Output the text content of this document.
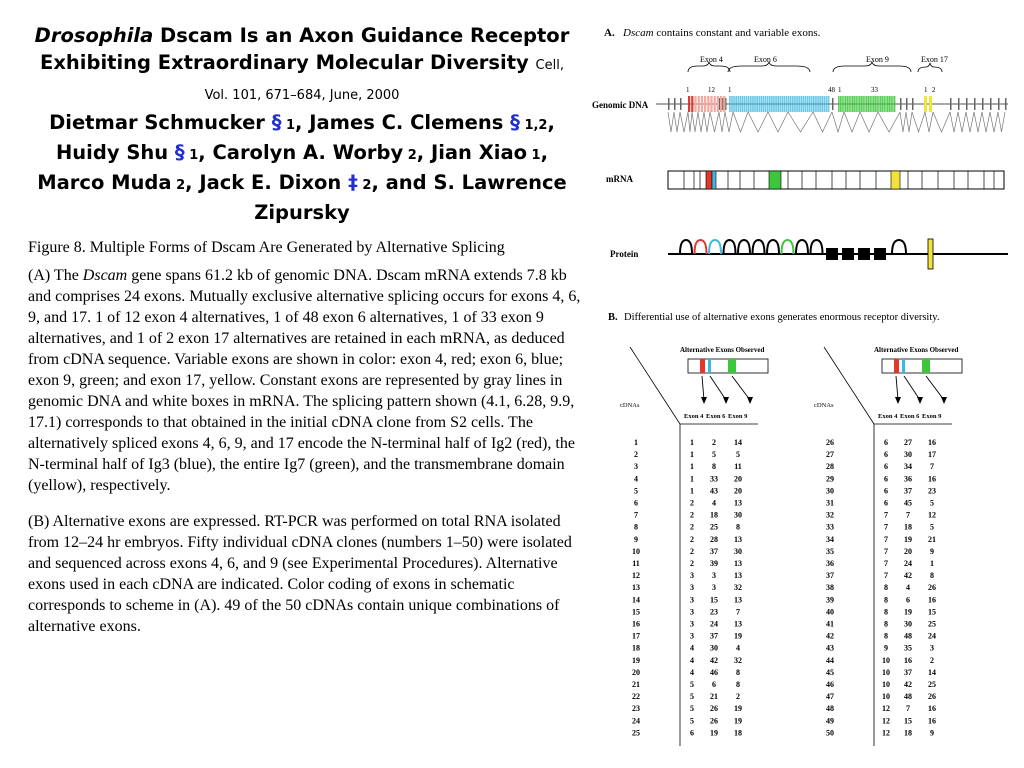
Drosophila Dscam Is an Axon Guidance Receptor Exhibiting Extraordinary Molecular Diversity Cell, Vol. 101, 671–684, June, 2000
Dietmar Schmucker § 1, James C. Clemens § 1,2, Huidy Shu § 1, Carolyn A. Worby 2, Jian Xiao 1, Marco Muda 2, Jack E. Dixon ‡ 2, and S. Lawrence Zipursky

Figure 8. Multiple Forms of Dscam Are Generated by Alternative Splicing

(A) The Dscam gene spans 61.2 kb of genomic DNA. Dscam mRNA extends 7.8 kb and comprises 24 exons. Mutually exclusive alternative splicing occurs for exons 4, 6, 9, and 17. 1 of 12 exon 4 alternatives, 1 of 48 exon 6 alternatives, 1 of 33 exon 9 alternatives, and 1 of 2 exon 17 alternatives are retained in each mRNA, as deduced from cDNA sequence. Variable exons are shown in color: exon 4, red; exon 6, blue; exon 9, green; and exon 17, yellow. Constant exons are represented by gray lines in genomic DNA and white boxes in mRNA. The splicing pattern shown (4.1, 6.28, 9.9, 17.1) corresponds to that obtained in the initial cDNA clone from S2 cells. The alternatively spliced exons 4, 6, 9, and 17 encode the N-terminal half of Ig2 (red), the N-terminal half of Ig3 (blue), the entire Ig7 (green), and the transmembrane domain (yellow), respectively.

(B) Alternative exons are expressed. RT-PCR was performed on total RNA isolated from 12–24 hr embryos. Fifty individual cDNA clones (numbers 1–50) were isolated and sequenced across exons 4, 6, and 9 (see Experimental Procedures). Alternative exons used in each cDNA are indicated. Color coding of exons in schematic corresponds to scheme in (A). 49 of the 50 cDNAs contain unique combinations of alternative exons.

A. Dscam contains constant and variable exons.
Exon 4	Exon 6	Exon 9	Exon 17
1	12 1	48 1	33	1 2
Genomic DNA
mRNA
Protein
B. Differential use of alternative exons generates enormous receptor diversity.
Alternative Exons Observed
cDNAs
Exon 4 Exon 6 Exon 9
1	1 2 14
2	1 5	5
3	1 8 11
4	1 33 20
5	1 43 20
6	2 4 13
7	2 18 30
8	2 25 8
9	2 28 13
10	2 37 30
11	2 39 13
12	3 3 13
13	3 3 32
14	3 15 13
15	3 23 7
16	3 24 13
17	3 37 19
18	4 30 4
19	4 42 32
20	4 46 8
21	5 6	8
22	5 21 2
23	5 26 19
24	5 26 19
25	6 19 18
Alternative Exons Observed
cDNAs
Exon 4 Exon 6 Exon 9
26	6 27 16
27	6 30 17
28	6 34 7
29	6 36 16
30	6 37 23
31	6 45 5
32	7 7 12
33	7 18 5
34	7 19 21
35	7 20 9
36	7 24 1
37	7 42 8
38	8 4 26
39	8 6 16
40	8 19 15
41	8 30 25
42	8 48 24
43	9 35 3
44	10 16 2
45	10 37 14
46	10 42 25
47	10 48 26
48	12 7 16
49	12 15 16
50	12 18 9
